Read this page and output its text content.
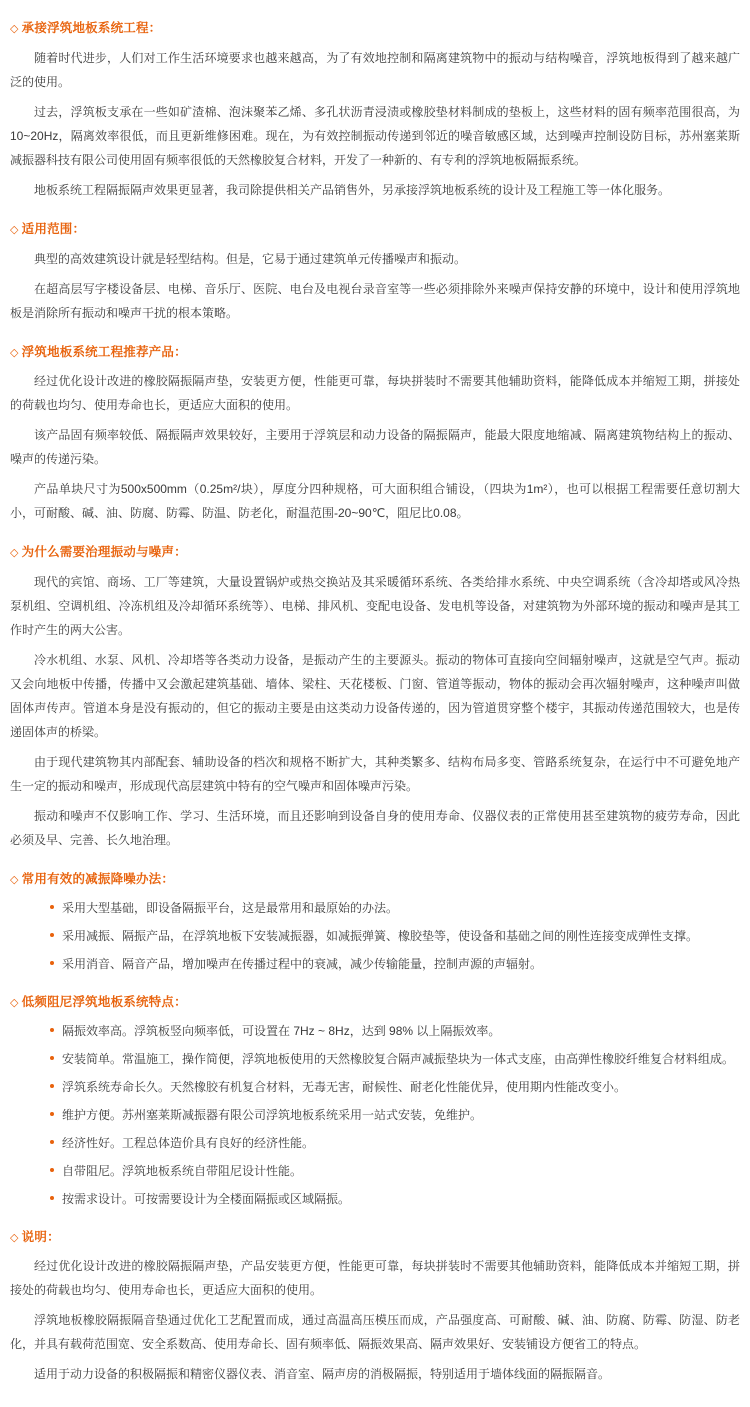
◇ 承接浮筑地板系统工程：

随着时代进步，人们对工作生活环境要求也越来越高，为了有效地控制和隔离建筑物中的振动与结构噪音，浮筑地板得到了越来越广泛的使用。

过去，浮筑板支承在一些如矿渣棉、泡沫聚苯乙烯、多孔状沥青浸渍或橡胶垫材料制成的垫板上，这些材料的固有频率范围很高，为 10~20Hz，隔离效率很低，而且更新维修困难。现在，为有效控制振动传递到邻近的噪音敏感区域，达到噪声控制设防目标，苏州塞莱斯减振器科技有限公司使用固有频率很低的天然橡胶复合材料，开发了一种新的、有专利的浮筑地板隔振系统。

地板系统工程隔振隔声效果更显著，我司除提供相关产品销售外，另承接浮筑地板系统的设计及工程施工等一体化服务。

◇ 适用范围：

典型的高效建筑设计就是轻型结构。但是，它易于通过建筑单元传播噪声和振动。

在超高层写字楼设备层、电梯、音乐厅、医院、电台及电视台录音室等一些必须排除外来噪声保持安静的环境中，设计和使用浮筑地板是消除所有振动和噪声干扰的根本策略。

◇ 浮筑地板系统工程推荐产品：

经过优化设计改进的橡胶隔振隔声垫，安装更方便，性能更可靠，每块拼装时不需要其他辅助资料，能降低成本并缩短工期，拼接处的荷载也均匀、使用寿命也长，更适应大面积的使用。

该产品固有频率较低、隔振隔声效果较好，主要用于浮筑层和动力设备的隔振隔声，能最大限度地缩减、隔离建筑物结构上的振动、噪声的传递污染。

产品单块尺寸为500x500mm（0.25m²/块），厚度分四种规格，可大面积组合铺设，（四块为1m²），也可以根据工程需要任意切割大小，可耐酸、碱、油、防腐、防霉、防温、防老化，耐温范围-20~90℃，阻尼比0.08。

◇ 为什么需要治理振动与噪声：

现代的宾馆、商场、工厂等建筑，大量设置锅炉或热交换站及其采暖循环系统、各类给排水系统、中央空调系统（含冷却塔或风冷热泵机组、空调机组、冷冻机组及冷却循环系统等）、电梯、排风机、变配电设备、发电机等设备，对建筑物为外部环境的振动和噪声是其工作时产生的两大公害。

冷水机组、水泵、风机、冷却塔等各类动力设备，是振动产生的主要源头。振动的物体可直接向空间辐射噪声，这就是空气声。振动又会向地板中传播，传播中又会激起建筑基础、墙体、梁柱、天花楼板、门窗、管道等振动，物体的振动会再次辐射噪声，这种噪声叫做固体声传声。管道本身是没有振动的，但它的振动主要是由这类动力设备传递的，因为管道贯穿整个楼宇，其振动传递范围较大，也是传递固体声的桥梁。

由于现代建筑物其内部配套、辅助设备的档次和规格不断扩大，其种类繁多、结构布局多变、管路系统复杂，在运行中不可避免地产生一定的振动和噪声，形成现代高层建筑中特有的空气噪声和固体噪声污染。

振动和噪声不仅影响工作、学习、生活环境，而且还影响到设备自身的使用寿命、仪器仪表的正常使用甚至建筑物的疲劳寿命，因此必须及早、完善、长久地治理。

◇ 常用有效的减振降噪办法：
采用大型基础，即设备隔振平台，这是最常用和最原始的办法。
采用减振、隔振产品，在浮筑地板下安装减振器，如减振弹簧、橡胶垫等，使设备和基础之间的刚性连接变成弹性支撑。
采用消音、隔音产品，增加噪声在传播过程中的衰减，减少传输能量，控制声源的声辐射。
◇ 低频阻尼浮筑地板系统特点：
隔振效率高。浮筑板竖向频率低，可设置在 7Hz ~ 8Hz，达到 98% 以上隔振效率。
安装简单。常温施工，操作简便，浮筑地板使用的天然橡胶复合隔声减振垫块为一体式支座，由高弹性橡胶纤维复合材料组成。
浮筑系统寿命长久。天然橡胶有机复合材料，无毒无害，耐候性、耐老化性能优异，使用期内性能改变小。
维护方便。苏州塞莱斯减振器有限公司浮筑地板系统采用一站式安装，免维护。
经济性好。工程总体造价具有良好的经济性能。
自带阻尼。浮筑地板系统自带阻尼设计性能。
按需求设计。可按需要设计为全楼面隔振或区域隔振。
◇ 说明：

经过优化设计改进的橡胶隔振隔声垫，产品安装更方便，性能更可靠，每块拼装时不需要其他辅助资料，能降低成本并缩短工期，拼接处的荷载也均匀、使用寿命也长，更适应大面积的使用。

浮筑地板橡胶隔振隔音垫通过优化工艺配置而成，通过高温高压模压而成，产品强度高、可耐酸、碱、油、防腐、防霉、防湿、防老化，并具有载荷范围宽、安全系数高、使用寿命长、固有频率低、隔振效果高、隔声效果好、安装铺设方便省工的特点。

适用于动力设备的积极隔振和精密仪器仪表、消音室、隔声房的消极隔振，特别适用于墙体线面的隔振隔音。
